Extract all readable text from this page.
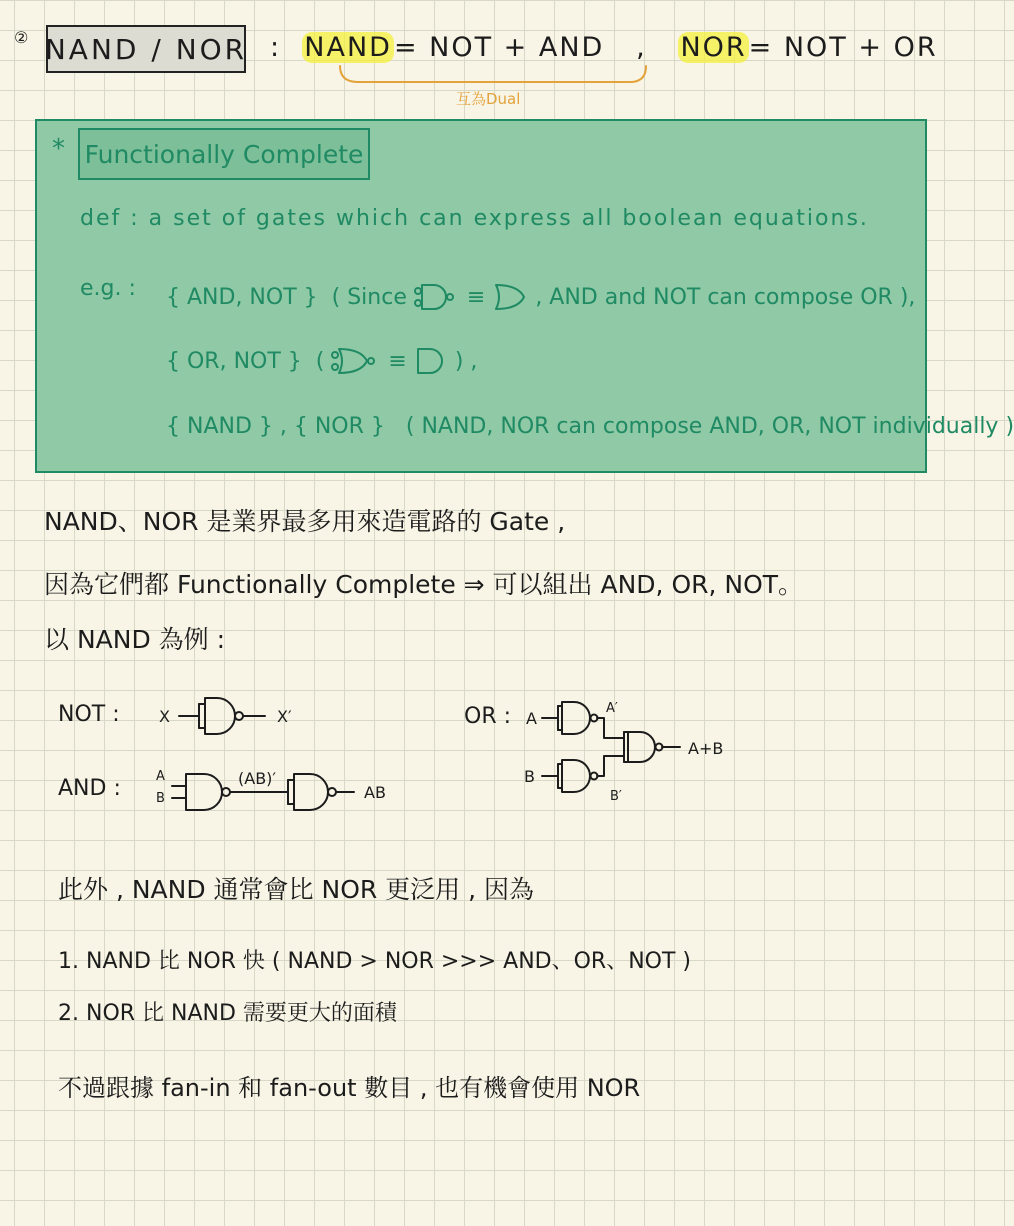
② NAND / NOR : NAND= NOT + AND , NOR= NOT + OR
互為Dual
* Functionally Complete
def : a set of gates which can express all boolean equations.
e.g. : { AND, NOT } ( Since	≡ , AND and NOT can compose OR ),
{ OR, NOT } (	≡ ) ,
{ NAND } , { NOR } ( NAND, NOR can compose AND, OR, NOT individually )
NAND、NOR 是業界最多用來造電路的 Gate ,
因為它們都 Functionally Complete ⇒ 可以組出 AND, OR, NOT。
以 NAND 為例 :
NOT : X	X′
AND :	A
B
(AB)′
AB
OR : A
A′
B
B′
A+B
此外 , NAND 通常會比 NOR 更泛用 , 因為
1. NAND 比 NOR 快 ( NAND > NOR >>> AND、OR、NOT )
2. NOR 比 NAND 需要更大的面積
不過跟據 fan-in 和 fan-out 數目 , 也有機會使用 NOR
